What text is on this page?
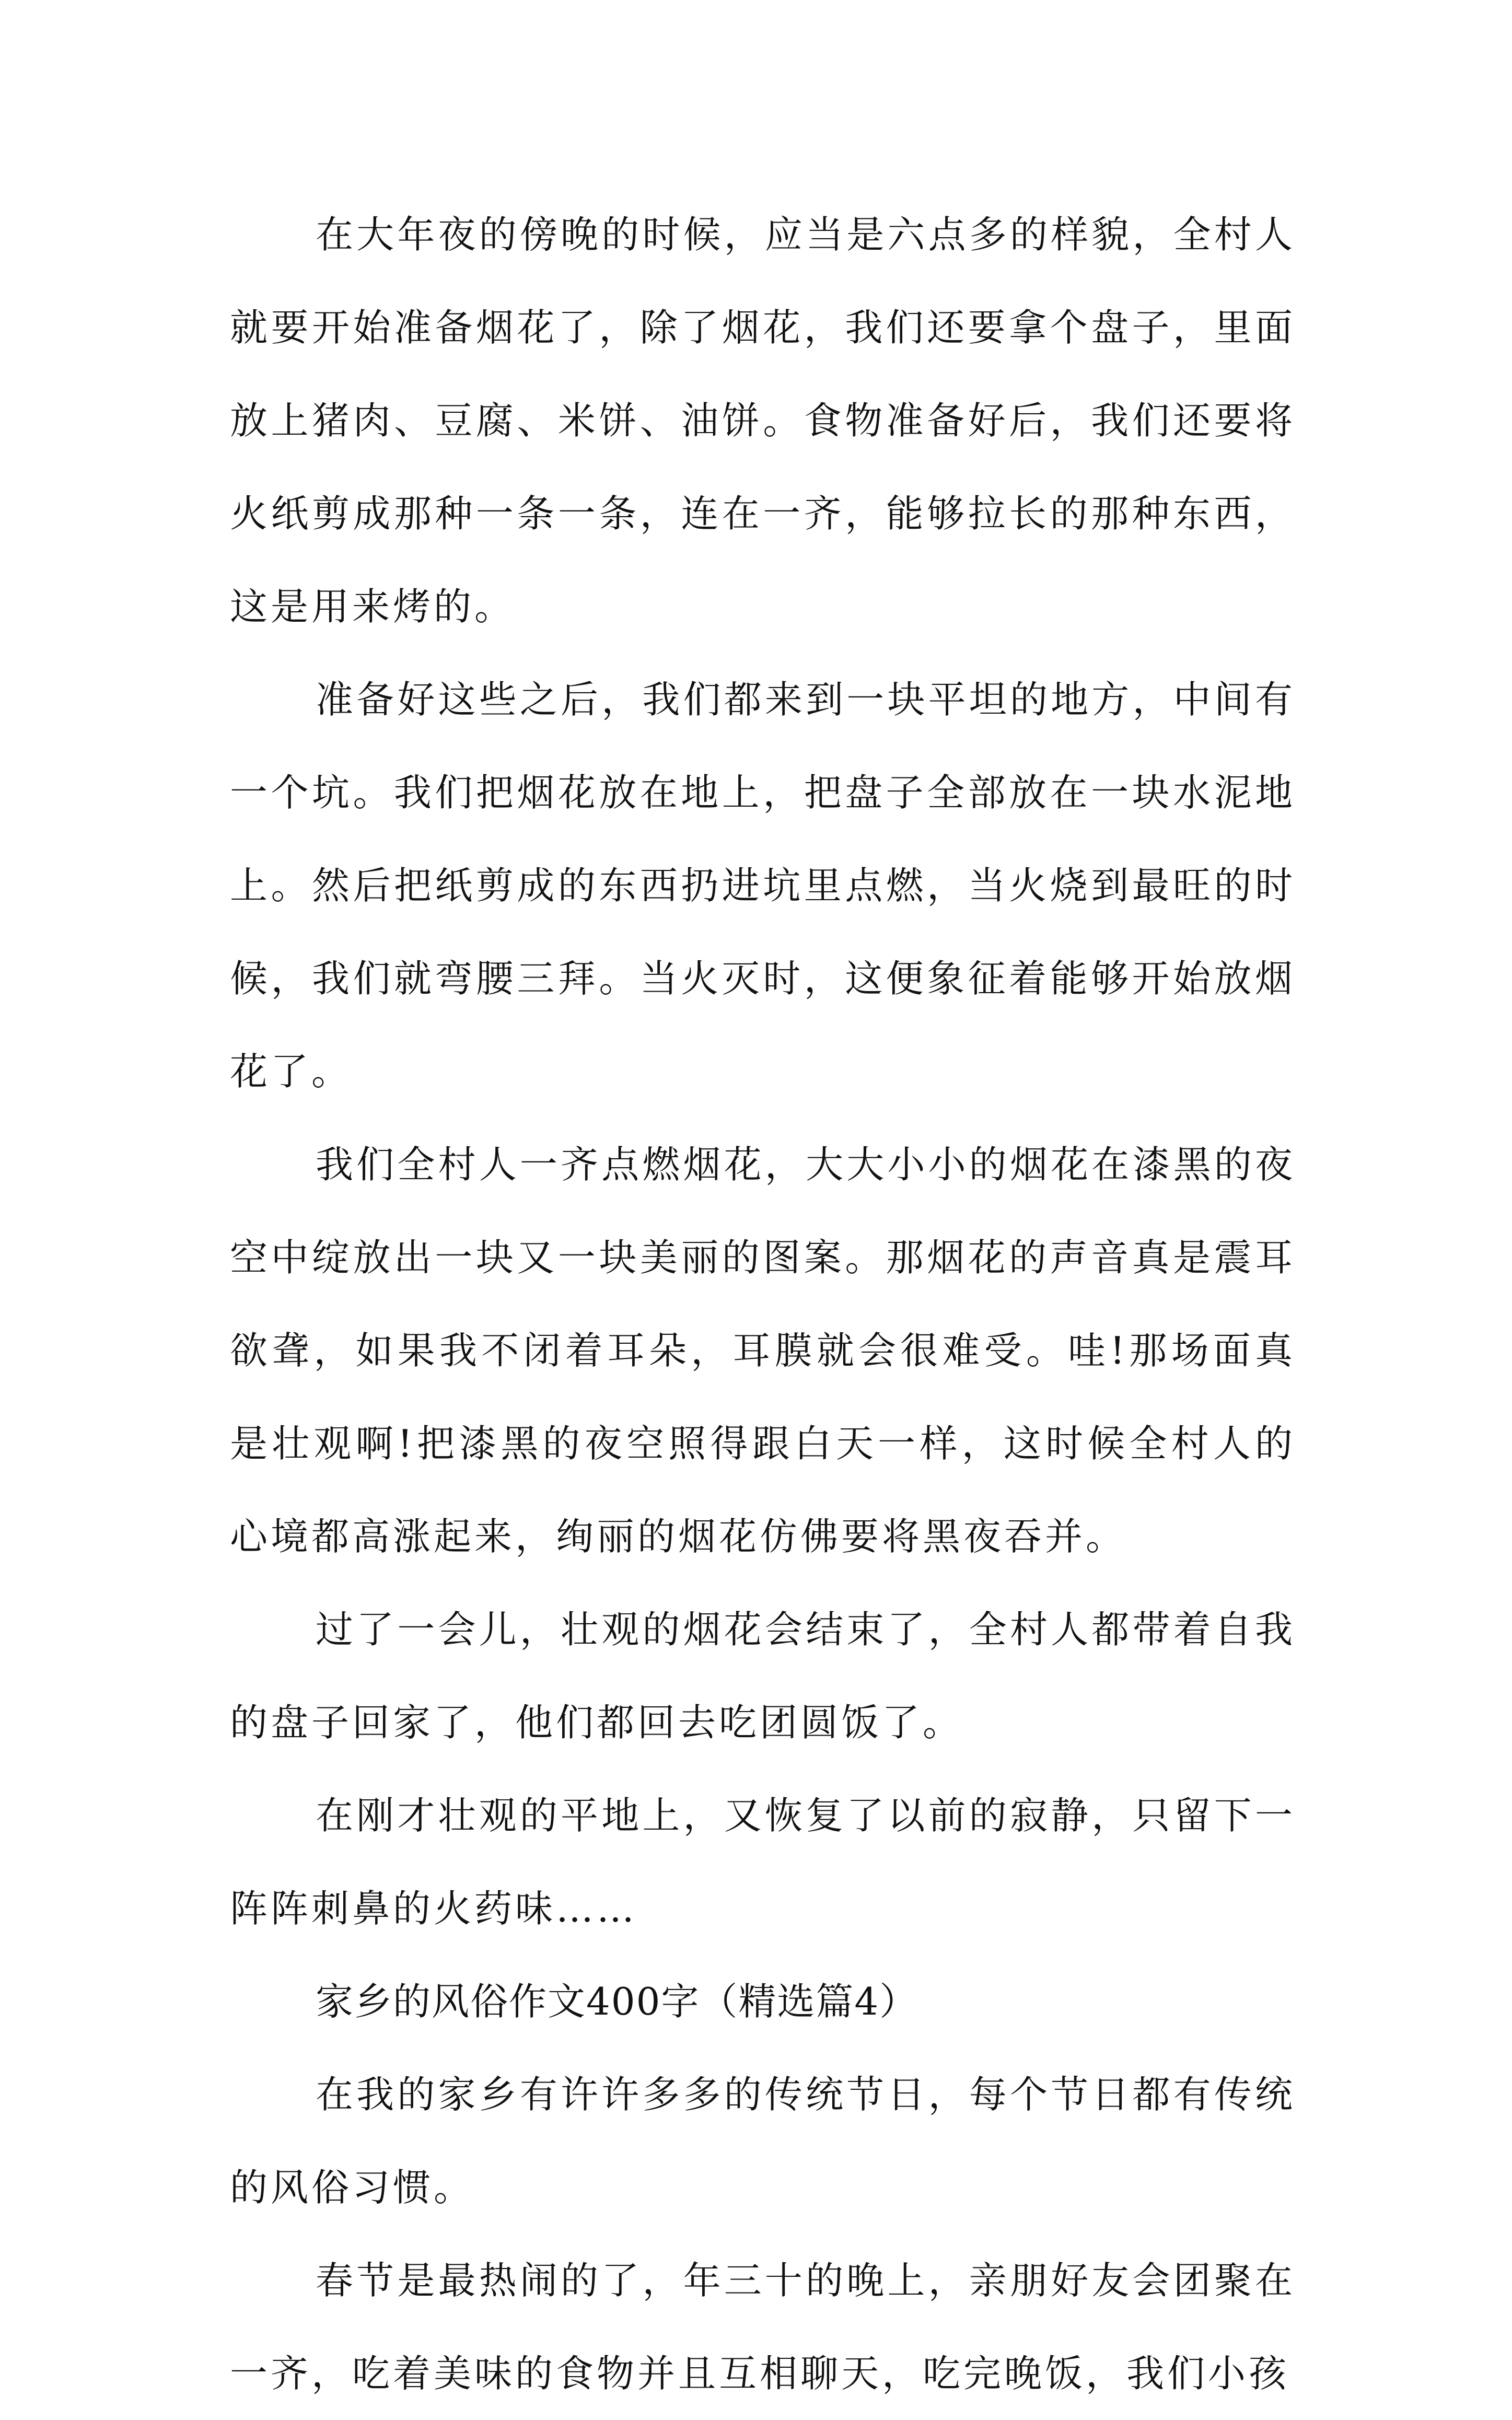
在大年夜的傍晚的时候，应当是六点多的样貌，全村人就要开始准备烟花了，除了烟花，我们还要拿个盘子，里面放上猪肉、豆腐、米饼、油饼。食物准备好后，我们还要将火纸剪成那种一条一条，连在一齐，能够拉长的那种东西，这是用来烤的。

准备好这些之后，我们都来到一块平坦的地方，中间有一个坑。我们把烟花放在地上，把盘子全部放在一块水泥地上。然后把纸剪成的东西扔进坑里点燃，当火烧到最旺的时候，我们就弯腰三拜。当火灭时，这便象征着能够开始放烟花了。

我们全村人一齐点燃烟花，大大小小的烟花在漆黑的夜空中绽放出一块又一块美丽的图案。那烟花的声音真是震耳欲聋，如果我不闭着耳朵，耳膜就会很难受。哇!那场面真是壮观啊!把漆黑的夜空照得跟白天一样，这时候全村人的心境都高涨起来，绚丽的烟花仿佛要将黑夜吞并。

过了一会儿，壮观的烟花会结束了，全村人都带着自我的盘子回家了，他们都回去吃团圆饭了。

在刚才壮观的平地上，又恢复了以前的寂静，只留下一阵阵刺鼻的火药味……

家乡的风俗作文400字（精选篇4）

在我的家乡有许许多多的传统节日，每个节日都有传统的风俗习惯。

春节是最热闹的了，年三十的晚上，亲朋好友会团聚在一齐，吃着美味的食物并且互相聊天，吃完晚饭，我们小孩
